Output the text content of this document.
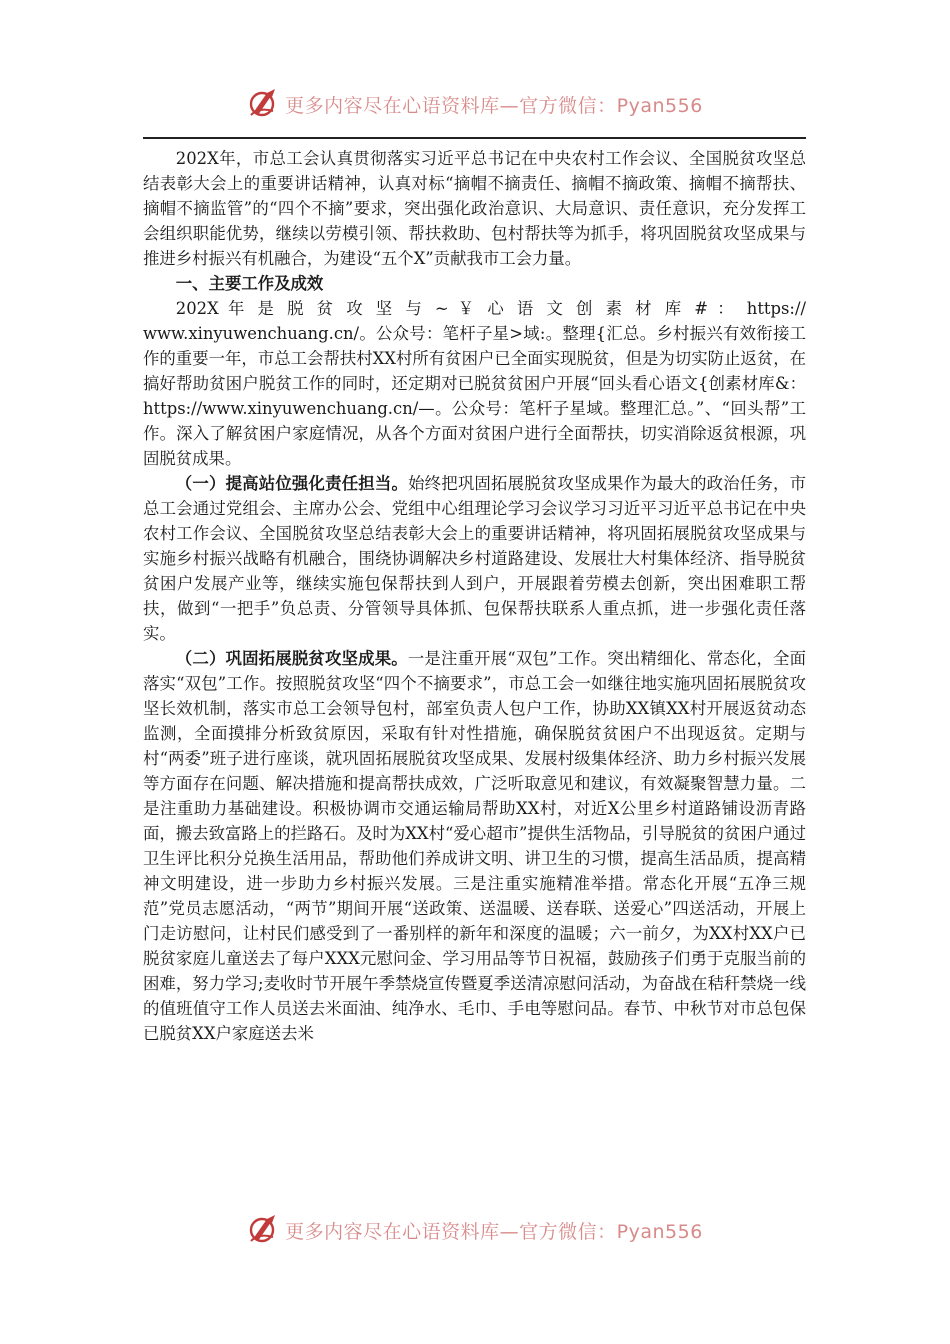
更多内容尽在心语资料库—官方微信：Pyan556

202X年，市总工会认真贯彻落实习近平总书记在中央农村工作会议、全国脱贫攻坚总结表彰大会上的重要讲话精神，认真对标“摘帽不摘责任、摘帽不摘政策、摘帽不摘帮扶、摘帽不摘监管”的“四个不摘”要求，突出强化政治意识、大局意识、责任意识，充分发挥工会组织职能优势，继续以劳模引领、帮扶救助、包村帮扶等为抓手，将巩固脱贫攻坚成果与推进乡村振兴有机融合，为建设“五个X”贡献我市工会力量。

一、主要工作及成效

202X 年 是 脱 贫 攻 坚 与 ~ ￥ 心 语 文 创 素 材 库 # ： https://

www.xinyuwenchuang.cn/。公众号：笔杆子星>域:。整理{汇总。乡村振兴有效衔接工作的重要一年，市总工会帮扶村XX村所有贫困户已全面实现脱贫，但是为切实防止返贫，在搞好帮助贫困户脱贫工作的同时，还定期对已脱贫贫困户开展“回头看心语文{创素材库&：https://www.xinyuwenchuang.cn/—。公众号：笔杆子星域。整理汇总。”、“回头帮”工作。深入了解贫困户家庭情况，从各个方面对贫困户进行全面帮扶，切实消除返贫根源，巩固脱贫成果。

（一）提高站位强化责任担当。始终把巩固拓展脱贫攻坚成果作为最大的政治任务，市总工会通过党组会、主席办公会、党组中心组理论学习会议学习习近平习近平总书记在中央农村工作会议、全国脱贫攻坚总结表彰大会上的重要讲话精神，将巩固拓展脱贫攻坚成果与实施乡村振兴战略有机融合，围绕协调解决乡村道路建设、发展壮大村集体经济、指导脱贫贫困户发展产业等，继续实施包保帮扶到人到户，开展跟着劳模去创新，突出困难职工帮扶，做到“一把手”负总责、分管领导具体抓、包保帮扶联系人重点抓，进一步强化责任落实。

（二）巩固拓展脱贫攻坚成果。一是注重开展“双包”工作。突出精细化、常态化，全面落实“双包”工作。按照脱贫攻坚“四个不摘要求”，市总工会一如继往地实施巩固拓展脱贫攻坚长效机制，落实市总工会领导包村，部室负责人包户工作，协助XX镇XX村开展返贫动态监测，全面摸排分析致贫原因，采取有针对性措施，确保脱贫贫困户不出现返贫。定期与村“两委”班子进行座谈，就巩固拓展脱贫攻坚成果、发展村级集体经济、助力乡村振兴发展等方面存在问题、解决措施和提高帮扶成效，广泛听取意见和建议，有效凝聚智慧力量。二是注重助力基础建设。积极协调市交通运输局帮助XX村，对近X公里乡村道路铺设沥青路面，搬去致富路上的拦路石。及时为XX村“爱心超市”提供生活物品，引导脱贫的贫困户通过卫生评比积分兑换生活用品，帮助他们养成讲文明、讲卫生的习惯，提高生活品质，提高精神文明建设，进一步助力乡村振兴发展。三是注重实施精准举措。常态化开展“五净三规范”党员志愿活动，“两节”期间开展“送政策、送温暖、送春联、送爱心”四送活动，开展上门走访慰问，让村民们感受到了一番别样的新年和深度的温暖；六一前夕，为XX村XX户已脱贫家庭儿童送去了每户XXX元慰问金、学习用品等节日祝福，鼓励孩子们勇于克服当前的困难，努力学习;麦收时节开展午季禁烧宣传暨夏季送清凉慰问活动，为奋战在秸秆禁烧一线的值班值守工作人员送去米面油、纯净水、毛巾、手电等慰问品。春节、中秋节对市总包保已脱贫XX户家庭送去米

更多内容尽在心语资料库—官方微信：Pyan556
